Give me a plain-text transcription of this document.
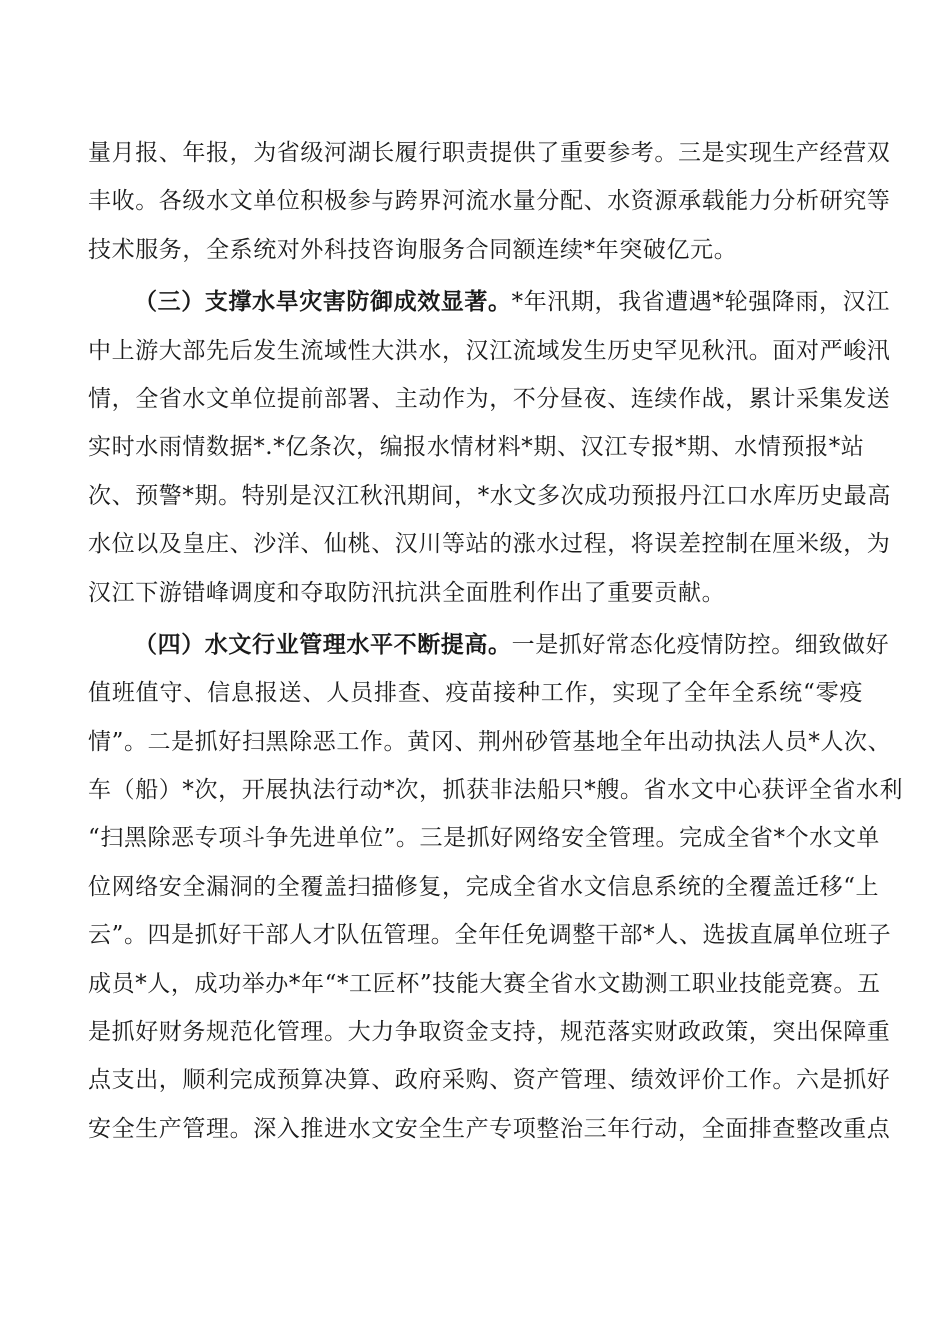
量月报、年报，为省级河湖长履行职责提供了重要参考。三是实现生产经营双
丰收。各级水文单位积极参与跨界河流水量分配、水资源承载能力分析研究等
技术服务，全系统对外科技咨询服务合同额连续*年突破亿元。
（三）支撑水旱灾害防御成效显著。*年汛期，我省遭遇*轮强降雨，汉江
中上游大部先后发生流域性大洪水，汉江流域发生历史罕见秋汛。面对严峻汛
情，全省水文单位提前部署、主动作为，不分昼夜、连续作战，累计采集发送
实时水雨情数据*.*亿条次，编报水情材料*期、汉江专报*期、水情预报*站
次、预警*期。特别是汉江秋汛期间，*水文多次成功预报丹江口水库历史最高
水位以及皇庄、沙洋、仙桃、汉川等站的涨水过程，将误差控制在厘米级，为
汉江下游错峰调度和夺取防汛抗洪全面胜利作出了重要贡献。
（四）水文行业管理水平不断提高。一是抓好常态化疫情防控。细致做好
值班值守、信息报送、人员排查、疫苗接种工作，实现了全年全系统“零疫
情”。二是抓好扫黑除恶工作。黄冈、荆州砂管基地全年出动执法人员*人次、
车（船）*次，开展执法行动*次，抓获非法船只*艘。省水文中心获评全省水利
“扫黑除恶专项斗争先进单位”。三是抓好网络安全管理。完成全省*个水文单
位网络安全漏洞的全覆盖扫描修复，完成全省水文信息系统的全覆盖迁移“上
云”。四是抓好干部人才队伍管理。全年任免调整干部*人、选拔直属单位班子
成员*人，成功举办*年“*工匠杯”技能大赛全省水文勘测工职业技能竞赛。五
是抓好财务规范化管理。大力争取资金支持，规范落实财政政策，突出保障重
点支出，顺利完成预算决算、政府采购、资产管理、绩效评价工作。六是抓好
安全生产管理。深入推进水文安全生产专项整治三年行动，全面排查整改重点
